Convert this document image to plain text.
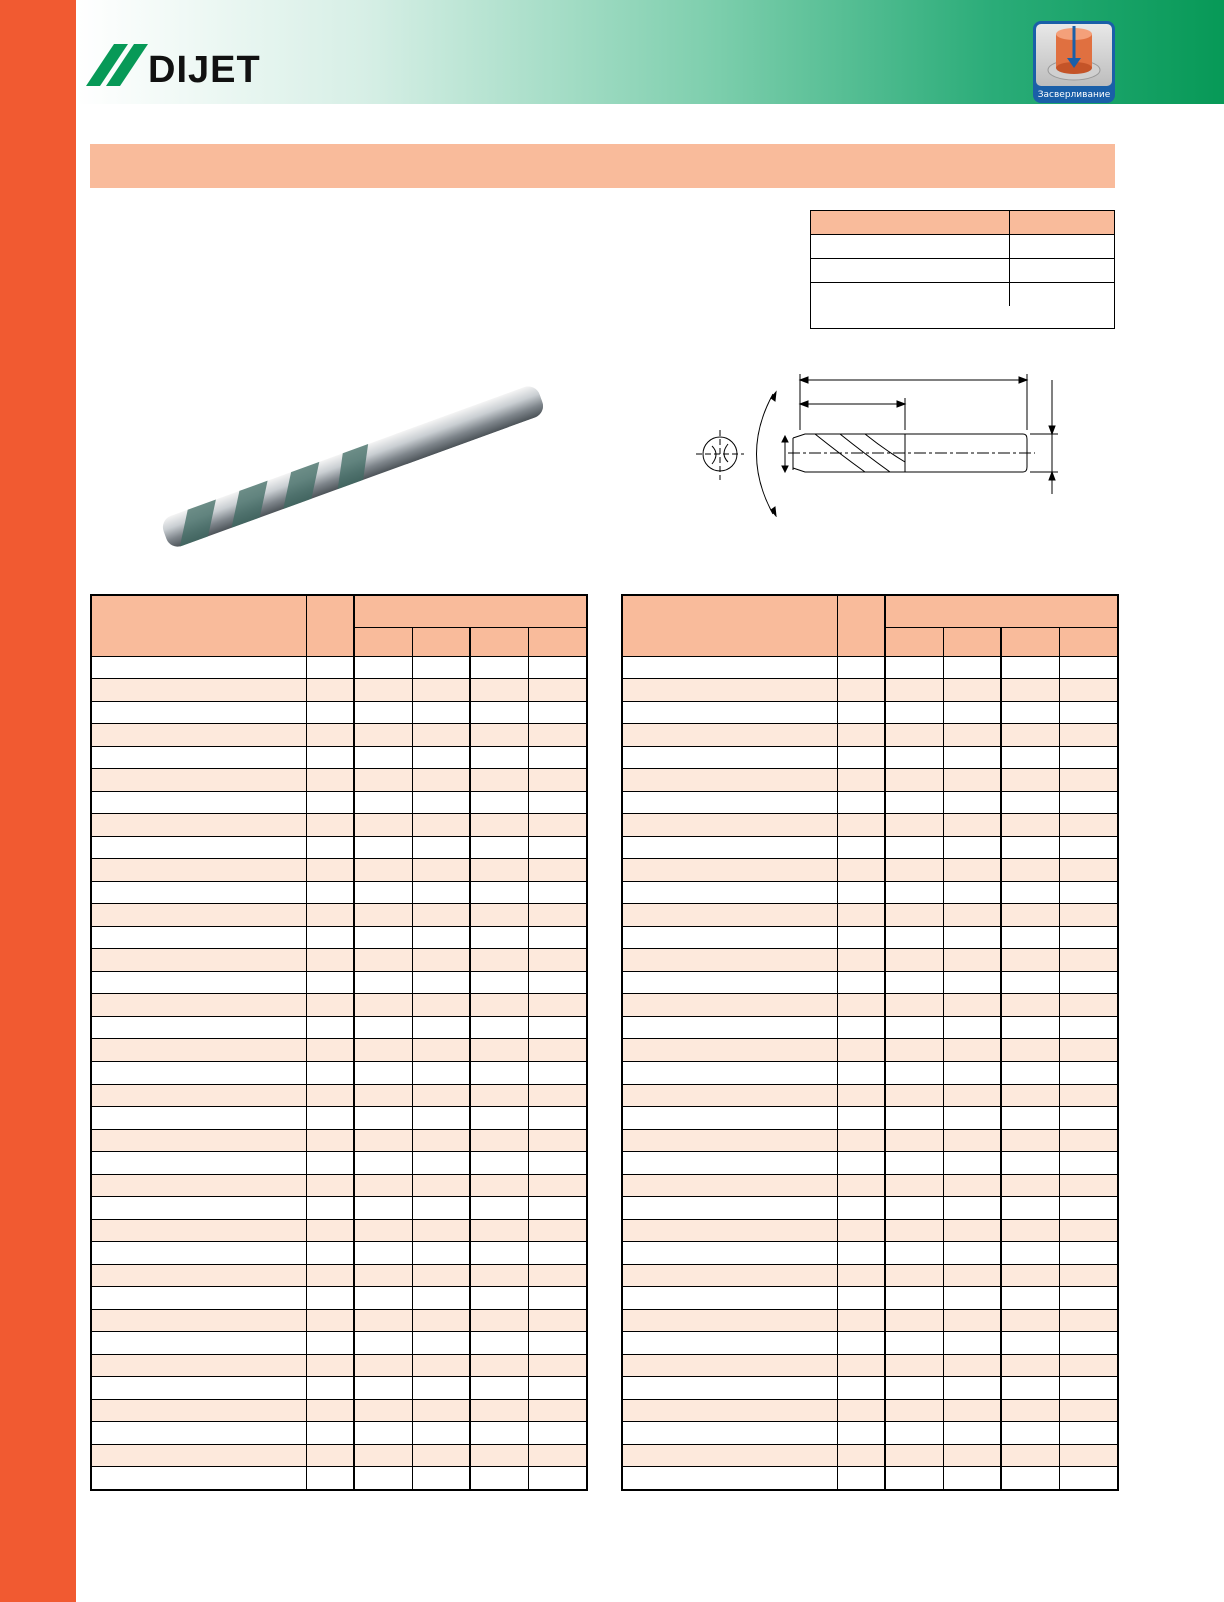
DIJET
Засверливание
